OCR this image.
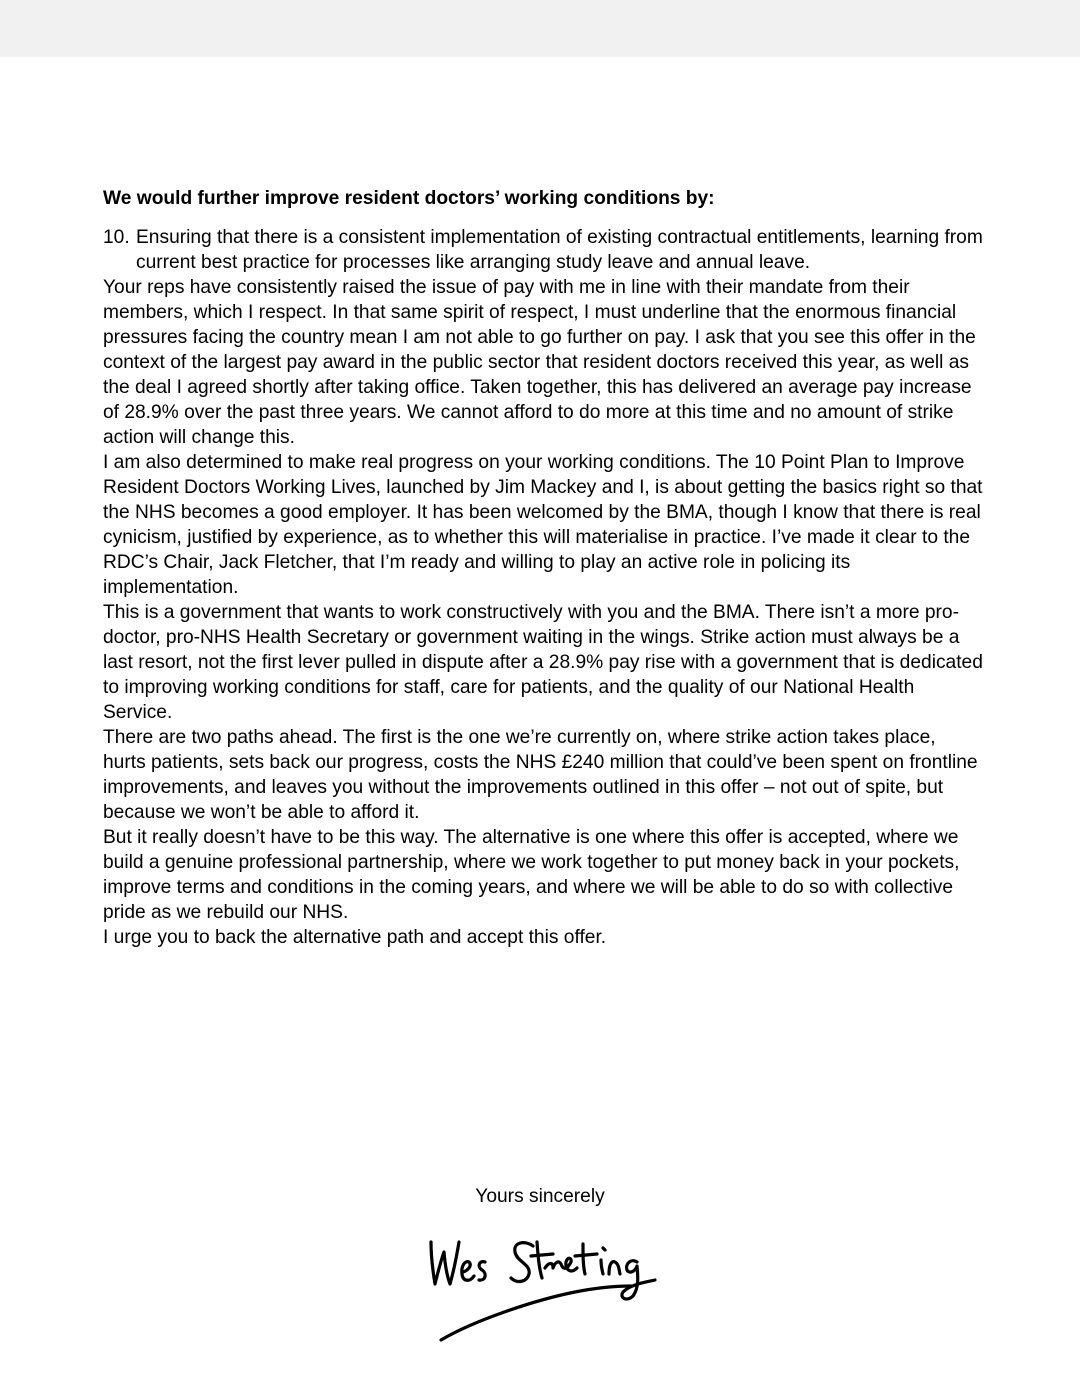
We would further improve resident doctors’ working conditions by:

10. Ensuring that there is a consistent implementation of existing contractual entitlements, learning from current best practice for processes like arranging study leave and annual leave.

Your reps have consistently raised the issue of pay with me in line with their mandate from their members, which I respect. In that same spirit of respect, I must underline that the enormous financial pressures facing the country mean I am not able to go further on pay. I ask that you see this offer in the context of the largest pay award in the public sector that resident doctors received this year, as well as the deal I agreed shortly after taking office. Taken together, this has delivered an average pay increase of 28.9% over the past three years. We cannot afford to do more at this time and no amount of strike action will change this.

I am also determined to make real progress on your working conditions. The 10 Point Plan to Improve Resident Doctors Working Lives, launched by Jim Mackey and I, is about getting the basics right so that the NHS becomes a good employer. It has been welcomed by the BMA, though I know that there is real cynicism, justified by experience, as to whether this will materialise in practice. I’ve made it clear to the RDC’s Chair, Jack Fletcher, that I’m ready and willing to play an active role in policing its implementation.

This is a government that wants to work constructively with you and the BMA. There isn’t a more pro-doctor, pro-NHS Health Secretary or government waiting in the wings. Strike action must always be a last resort, not the first lever pulled in dispute after a 28.9% pay rise with a government that is dedicated to improving working conditions for staff, care for patients, and the quality of our National Health Service.

There are two paths ahead. The first is the one we’re currently on, where strike action takes place, hurts patients, sets back our progress, costs the NHS £240 million that could’ve been spent on frontline improvements, and leaves you without the improvements outlined in this offer – not out of spite, but because we won’t be able to afford it.

But it really doesn’t have to be this way. The alternative is one where this offer is accepted, where we build a genuine professional partnership, where we work together to put money back in your pockets, improve terms and conditions in the coming years, and where we will be able to do so with collective pride as we rebuild our NHS.

I urge you to back the alternative path and accept this offer.

Yours sincerely
